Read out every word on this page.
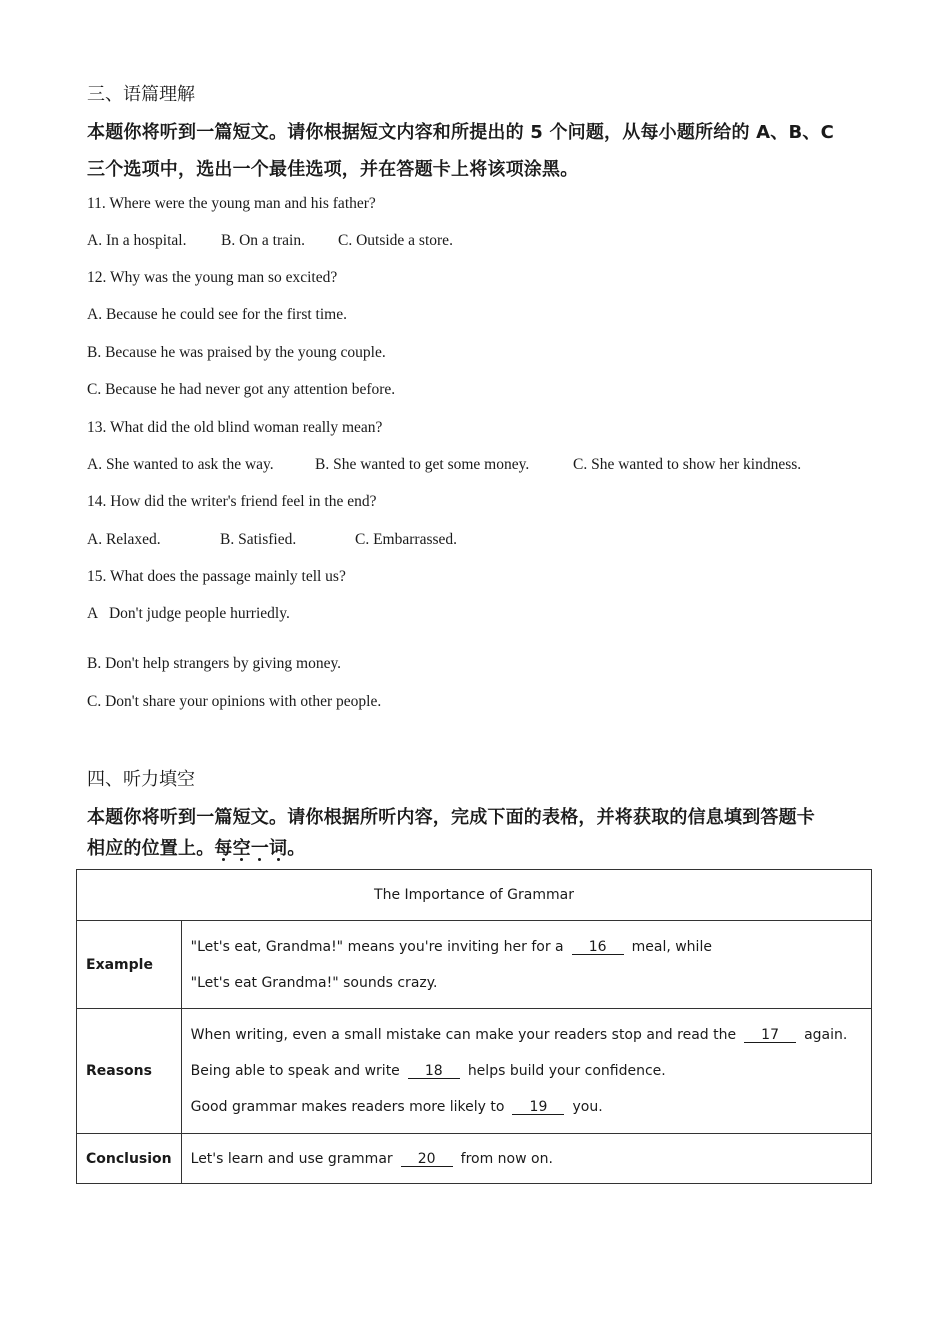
三、语篇理解
本题你将听到一篇短文。请你根据短文内容和所提出的 5 个问题，从每小题所给的 A、B、C
三个选项中，选出一个最佳选项，并在答题卡上将该项涂黑。
11. Where were the young man and his father?
A. In a hospital. B. On a train. C. Outside a store.
12. Why was the young man so excited?
A. Because he could see for the first time.
B. Because he was praised by the young couple.
C. Because he had never got any attention before.
13. What did the old blind woman really mean?
A. She wanted to ask the way.	B. She wanted to get some money.	C. She wanted to show her kindness.
14. How did the writer's friend feel in the end?
A. Relaxed.	B. Satisfied.	C. Embarrassed.
15. What does the passage mainly tell us?
A   Don't judge people hurriedly.
B. Don't help strangers by giving money.
C. Don't share your opinions with other people.
四、听力填空
本题你将听到一篇短文。请你根据所听内容，完成下面的表格，并将获取的信息填到答题卡
相应的位置上。每空一词。
The Importance of Grammar	
Example	"Let's eat, Grandma!" means you're inviting her for a 16 meal, while
"Let's eat Grandma!" sounds crazy.

Reasons	When writing, even a small mistake can make your readers stop and read the 17 again.
Being able to speak and write 18 helps build your confidence.
Good grammar makes readers more likely to 19 you.

Conclusion	Let's learn and use grammar 20 from now on.
